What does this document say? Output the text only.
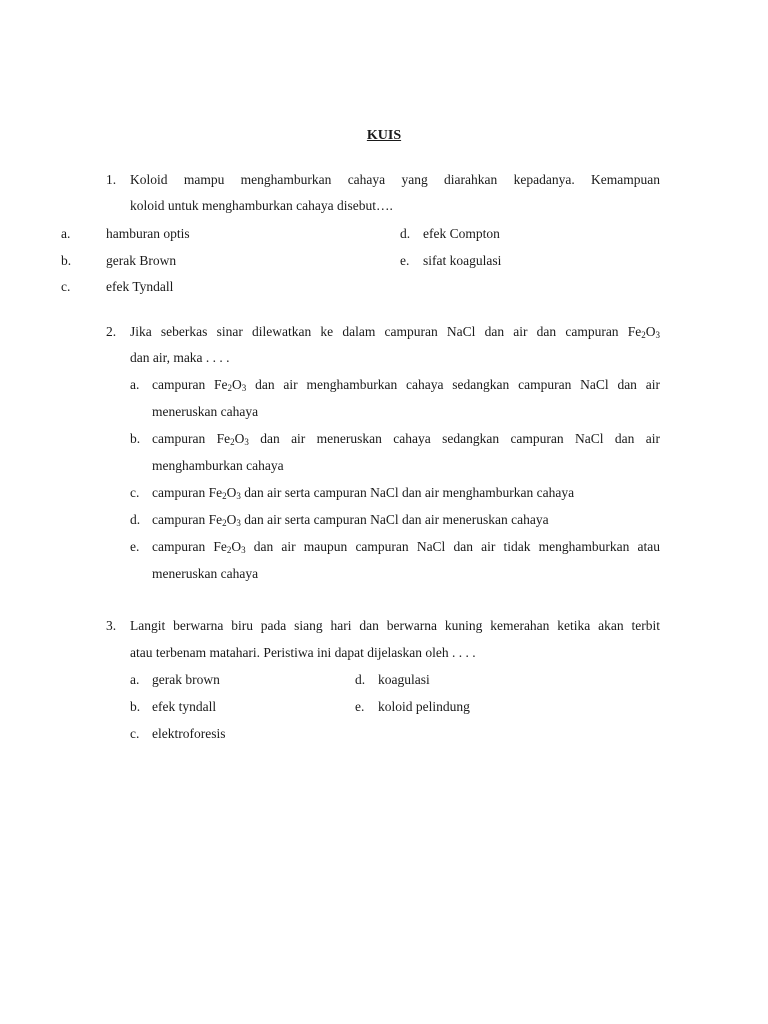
KUIS
1. Koloid mampu menghamburkan cahaya yang diarahkan kepadanya. Kemampuan
koloid untuk menghamburkan cahaya disebut….
a.	hamburan optis
b.	gerak Brown
c.	efek Tyndall
d. efek Compton
e. sifat koagulasi
2. Jika seberkas sinar dilewatkan ke dalam campuran NaCl dan air dan campuran $Fe_2O_3$
dan air, maka . . . .
a. campuran $Fe_2O_3$ dan air menghamburkan cahaya sedangkan campuran NaCl dan air
meneruskan cahaya
b. campuran $Fe_2O_3$ dan air meneruskan cahaya sedangkan campuran NaCl dan air
menghamburkan cahaya
c. campuran $Fe_2O_3$ dan air serta campuran NaCl dan air menghamburkan cahaya
d. campuran $Fe_2O_3$ dan air serta campuran NaCl dan air meneruskan cahaya
e. campuran $Fe_2O_3$ dan air maupun campuran NaCl dan air tidak menghamburkan atau
meneruskan cahaya
3. Langit berwarna biru pada siang hari dan berwarna kuning kemerahan ketika akan terbit
atau terbenam matahari. Peristiwa ini dapat dijelaskan oleh . . . .
a. gerak brown
b. efek tyndall
c. elektroforesis
d. koagulasi
e. koloid pelindung
